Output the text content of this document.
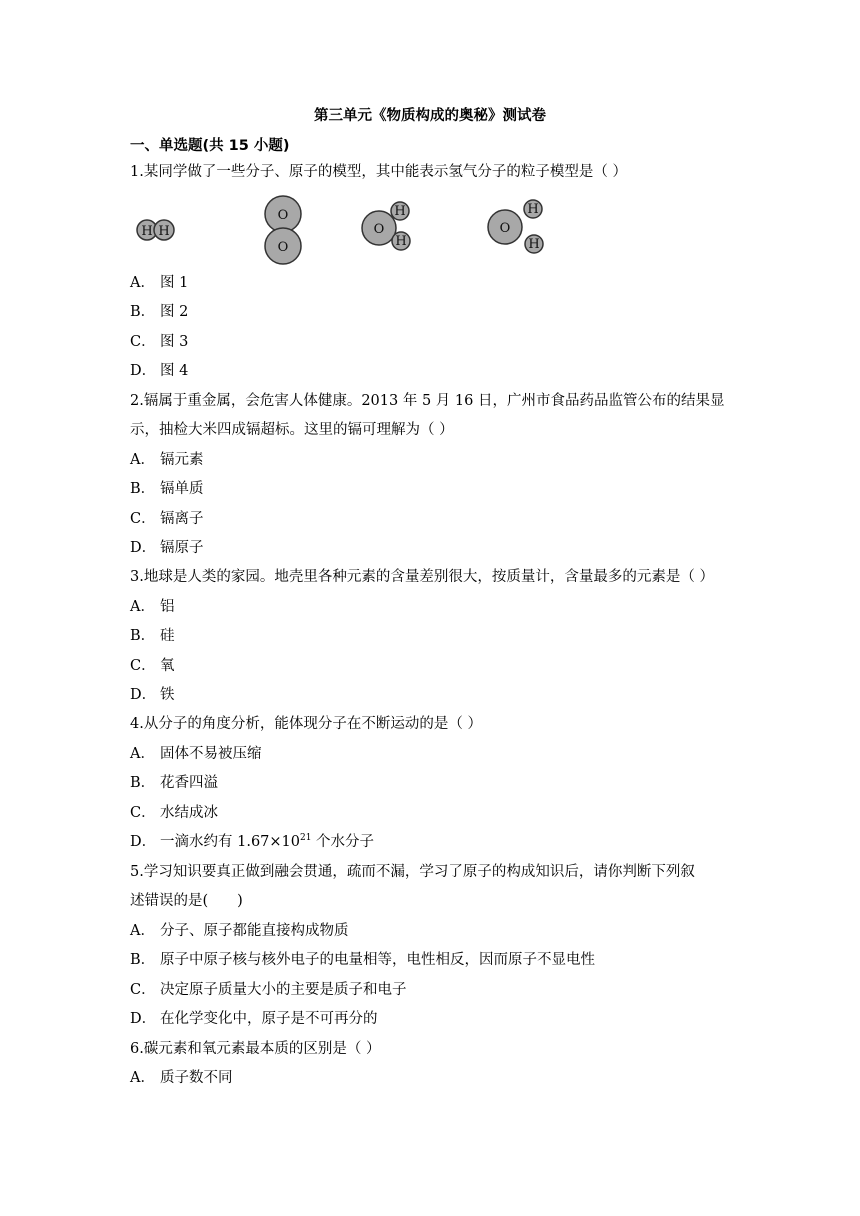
第三单元《物质构成的奥秘》测试卷
一、单选题(共 15 小题)
1.某同学做了一些分子、原子的模型，其中能表示氢气分子的粒子模型是（ ）
H H
O
O
O
H
H
O
H
H
A． 图 1
B． 图 2
C． 图 3
D． 图 4
2.镉属于重金属，会危害人体健康。2013 年 5 月 16 日，广州市食品药品监管公布的结果显
示，抽检大米四成镉超标。这里的镉可理解为（ ）
A． 镉元素
B． 镉单质
C． 镉离子
D． 镉原子
3.地球是人类的家园。地壳里各种元素的含量差别很大，按质量计，含量最多的元素是（ ）
A． 铝
B． 硅
C． 氧
D． 铁
4.从分子的角度分析，能体现分子在不断运动的是（ ）
A． 固体不易被压缩
B． 花香四溢
C． 水结成冰
D． 一滴水约有 $1.67\times 10^{21}$ 个水分子
5.学习知识要真正做到融会贯通，疏而不漏，学习了原子的构成知识后，请你判断下列叙
述错误的是(　　)
A． 分子、原子都能直接构成物质
B． 原子中原子核与核外电子的电量相等，电性相反，因而原子不显电性
C． 决定原子质量大小的主要是质子和电子
D． 在化学变化中，原子是不可再分的
6.碳元素和氧元素最本质的区别是（ ）
A． 质子数不同
